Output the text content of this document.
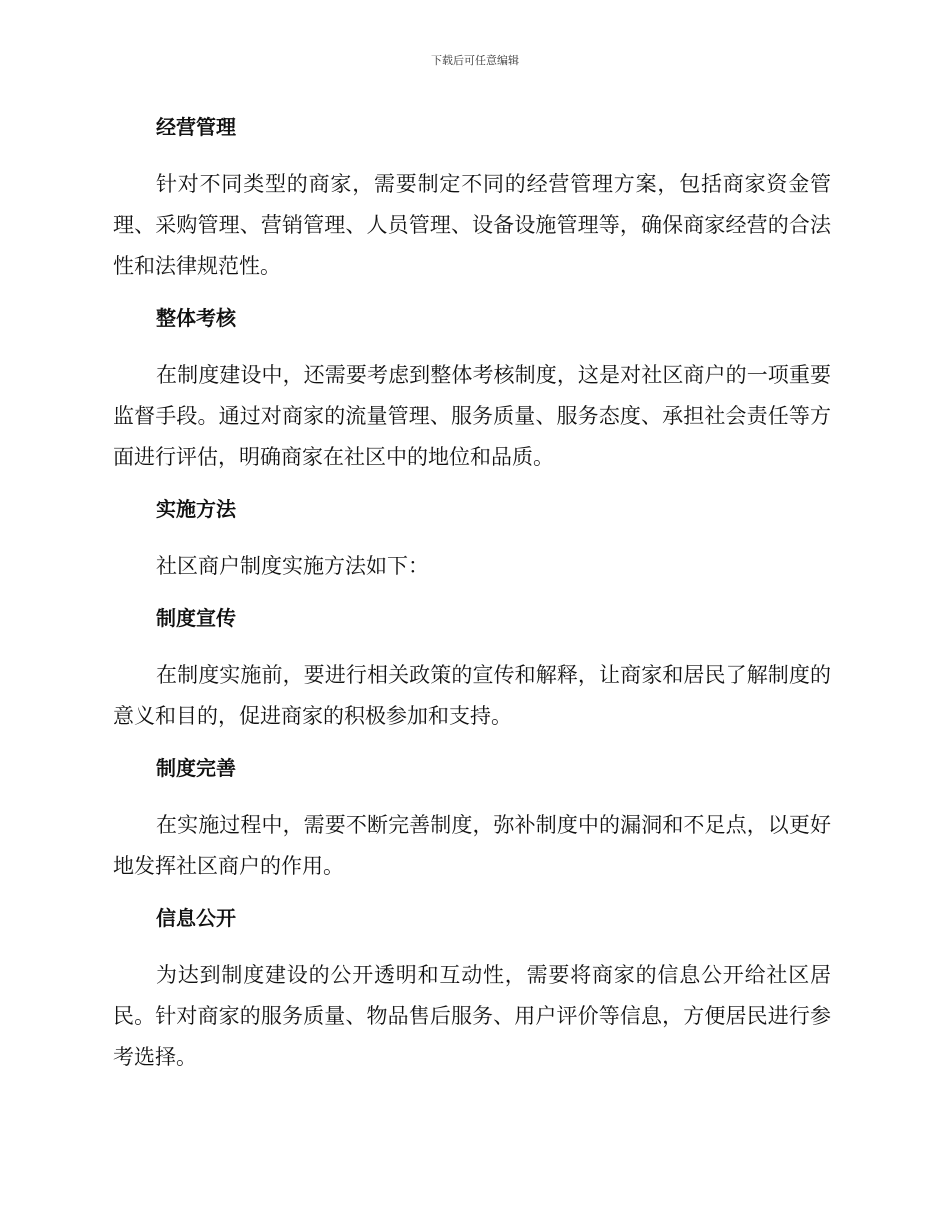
下载后可任意编辑
经营管理

针对不同类型的商家，需要制定不同的经营管理方案，包括商家资金管理、采购管理、营销管理、人员管理、设备设施管理等，确保商家经营的合法性和法律规范性。

整体考核

在制度建设中，还需要考虑到整体考核制度，这是对社区商户的一项重要监督手段。通过对商家的流量管理、服务质量、服务态度、承担社会责任等方面进行评估，明确商家在社区中的地位和品质。

实施方法

社区商户制度实施方法如下：

制度宣传

在制度实施前，要进行相关政策的宣传和解释，让商家和居民了解制度的意义和目的，促进商家的积极参加和支持。

制度完善

在实施过程中，需要不断完善制度，弥补制度中的漏洞和不足点，以更好地发挥社区商户的作用。

信息公开

为达到制度建设的公开透明和互动性，需要将商家的信息公开给社区居民。针对商家的服务质量、物品售后服务、用户评价等信息，方便居民进行参考选择。
